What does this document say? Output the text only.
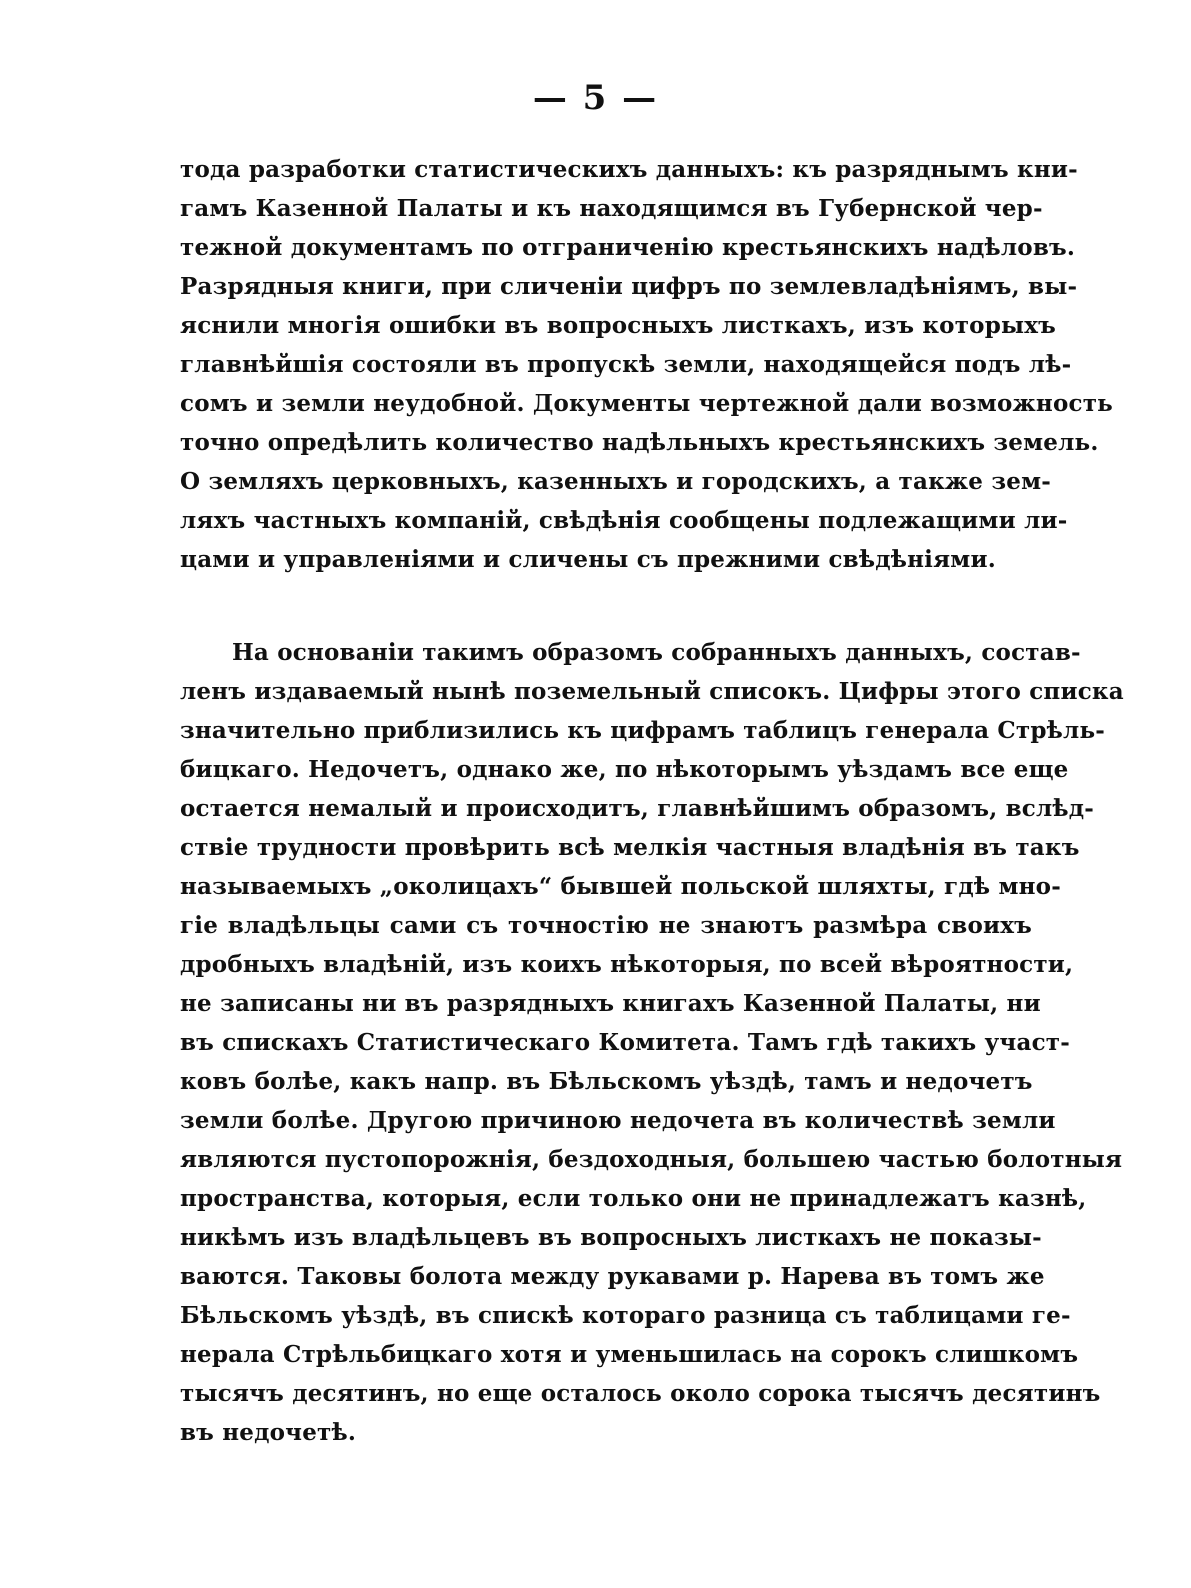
— 5 —
тода разработки статистическихъ данныхъ: къ разряднымъ кни-
гамъ Казенной Палаты и къ находящимся въ Губернской чер-
тежной документамъ по отграниченію крестьянскихъ надѣловъ.
Разрядныя книги, при сличеніи цифръ по землевладѣніямъ, вы-
яснили многія ошибки въ вопросныхъ листкахъ, изъ которыхъ
главнѣйшія состояли въ пропускѣ земли, находящейся подъ лѣ-
сомъ и земли неудобной. Документы чертежной дали возможность
точно опредѣлить количество надѣльныхъ крестьянскихъ земель.
О земляхъ церковныхъ, казенныхъ и городскихъ, а также зем-
ляхъ частныхъ компаній, свѣдѣнія сообщены подлежащими ли-
цами и управленіями и сличены съ прежними свѣдѣніями.
На основаніи такимъ образомъ собранныхъ данныхъ, состав-
ленъ издаваемый нынѣ поземельный списокъ. Цифры этого списка
значительно приблизились къ цифрамъ таблицъ генерала Стрѣль-
бицкаго. Недочетъ, однако же, по нѣкоторымъ уѣздамъ все еще
остается немалый и происходитъ, главнѣйшимъ образомъ, вслѣд-
ствіе трудности провѣрить всѣ мелкія частныя владѣнія въ такъ
называемыхъ „околицахъ“ бывшей польской шляхты, гдѣ мно-
гіе владѣльцы сами съ точностію не знаютъ размѣра своихъ
дробныхъ владѣній, изъ коихъ нѣкоторыя, по всей вѣроятности,
не записаны ни въ разрядныхъ книгахъ Казенной Палаты, ни
въ спискахъ Статистическаго Комитета. Тамъ гдѣ такихъ участ-
ковъ болѣе, какъ напр. въ Бѣльскомъ уѣздѣ, тамъ и недочетъ
земли болѣе. Другою причиною недочета въ количествѣ земли
являются пустопорожнія, бездоходныя, большею частью болотныя
пространства, которыя, если только они не принадлежатъ казнѣ,
никѣмъ изъ владѣльцевъ въ вопросныхъ листкахъ не показы-
ваются. Таковы болота между рукавами р. Нарева въ томъ же
Бѣльскомъ уѣздѣ, въ спискѣ котораго разница съ таблицами ге-
нерала Стрѣльбицкаго хотя и уменьшилась на сорокъ слишкомъ
тысячъ десятинъ, но еще осталось около сорока тысячъ десятинъ
въ недочетѣ.
